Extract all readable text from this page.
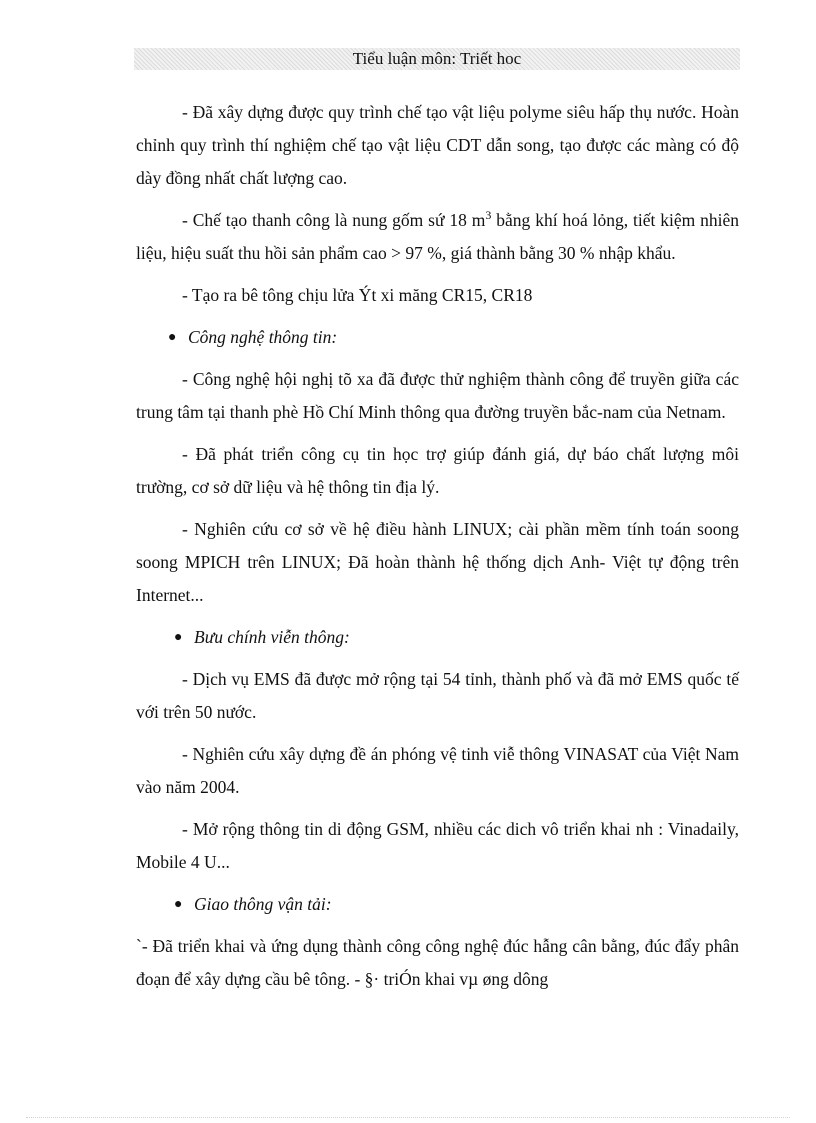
Tiểu luận môn: Triết hoc

- Đã xây dựng được quy trình chế tạo vật liệu polyme siêu hấp thụ nước. Hoàn chỉnh quy trình thí nghiệm chế tạo vật liệu CDT dẫn song, tạo được các màng có độ dày đồng nhất chất lượng cao.

- Chế tạo thanh công là nung gốm sứ 18 $m^3$ bằng khí hoá lỏng, tiết kiệm nhiên liệu, hiệu suất thu hồi sản phẩm cao > 97 %, giá thành bằng 30 % nhập khẩu.

- Tạo ra bê tông chịu lửa Ýt xi măng CR15, CR18

● Công nghệ thông tin:

- Công nghệ hội nghị tõ xa đã được thử nghiệm thành công để truyền giữa các trung tâm tại thanh phè Hồ Chí Minh thông qua đường truyền bắc-nam của Netnam.

- Đã phát triển công cụ tin học trợ giúp đánh giá, dự báo chất lượng môi trường, cơ sở dữ liệu và hệ thông tin địa lý.

- Nghiên cứu cơ sở về hệ điều hành LINUX; cài phần mềm tính toán soong soong MPICH trên LINUX; Đã hoàn thành hệ thống dịch Anh- Việt tự động trên Internet...

● Bưu chính viễn thông:

- Dịch vụ EMS đã được mở rộng tại 54 tỉnh, thành phố và đã mở EMS quốc tế với trên 50 nước.

- Nghiên cứu xây dựng đề án phóng vệ tinh viễ thông VINASAT của Việt Nam vào năm 2004.

- Mở rộng thông tin di động GSM, nhiều các dich vô triển khai nh : Vinadaily, Mobile 4 U...

● Giao thông vận tải:

`- Đã triển khai và ứng dụng thành công công nghệ đúc hẫng cân bằng, đúc đẩy phân đoạn để xây dựng cầu bê tông. - §· triÓn khai vµ øng dông
